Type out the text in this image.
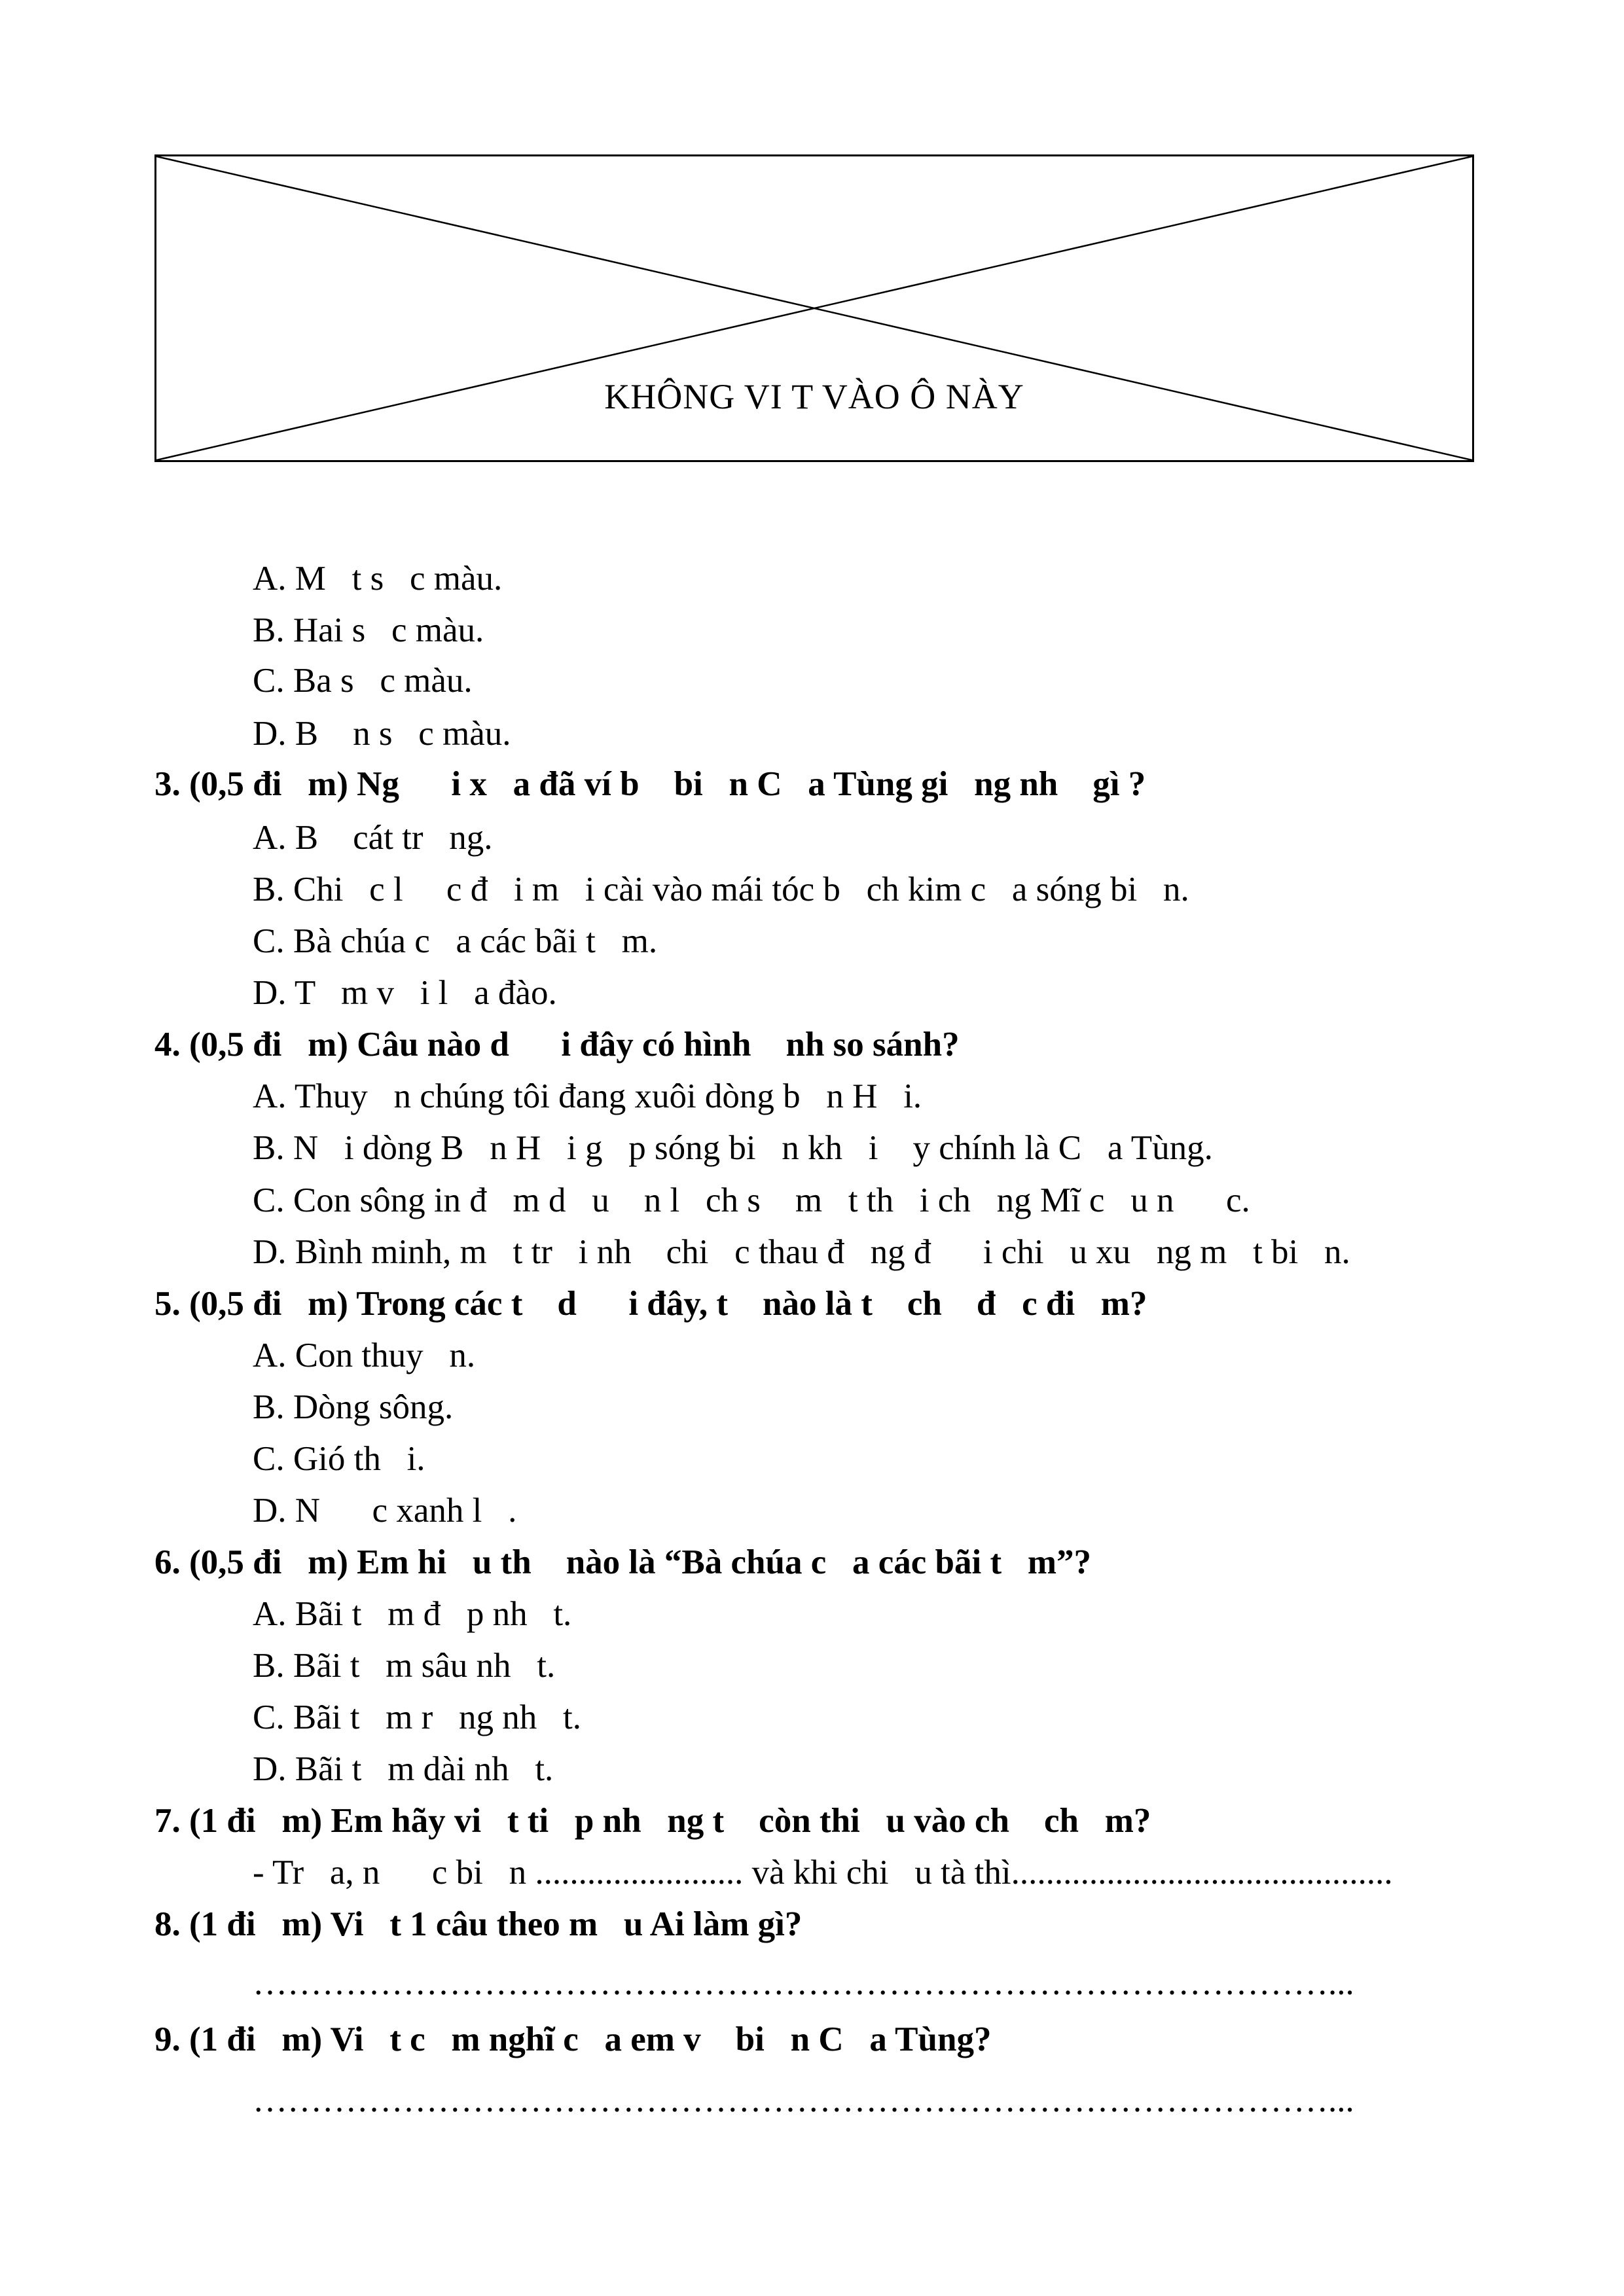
KHÔNG VI T VÀO Ô NÀY
A. M   t s   c màu.
B. Hai s   c màu.
C. Ba s   c màu.
D. B    n s   c màu.
3. (0,5 đi   m) Ng      i x   a đã ví b    bi   n C   a Tùng gi   ng nh    gì ?
A. B    cát tr   ng.
B. Chi   c l     c đ   i m   i cài vào mái tóc b   ch kim c   a sóng bi   n.
C. Bà chúa c   a các bãi t   m.
D. T   m v   i l   a đào.
4. (0,5 đi   m) Câu nào d      i đây có hình    nh so sánh?
A. Thuy   n chúng tôi đang xuôi dòng b   n H   i.
B. N   i dòng B   n H   i g   p sóng bi   n kh   i    y chính là C   a Tùng.
C. Con sông in đ   m d   u    n l   ch s    m   t th   i ch   ng Mĩ c   u n      c.
D. Bình minh, m   t tr   i nh    chi   c thau đ   ng đ      i chi   u xu   ng m   t bi   n.
5. (0,5 đi   m) Trong các t    d      i đây, t    nào là t    ch    đ   c đi   m?
A. Con thuy   n.
B. Dòng sông.
C. Gió th   i.
D. N      c xanh l   .
6. (0,5 đi   m) Em hi   u th    nào là “Bà chúa c   a các bãi t   m”?
A. Bãi t   m đ   p nh   t.
B. Bãi t   m sâu nh   t.
C. Bãi t   m r   ng nh   t.
D. Bãi t   m dài nh   t.
7. (1 đi   m) Em hãy vi   t ti   p nh   ng t    còn thi   u vào ch    ch   m?
- Tr   a, n      c bi   n ........................ và khi chi   u tà thì............................................
8. (1 đi   m) Vi   t 1 câu theo m   u Ai làm gì?
…………………………………………………………………………………...
9. (1 đi   m) Vi   t c   m nghĩ c   a em v    bi   n C   a Tùng?
…………………………………………………………………………………...
